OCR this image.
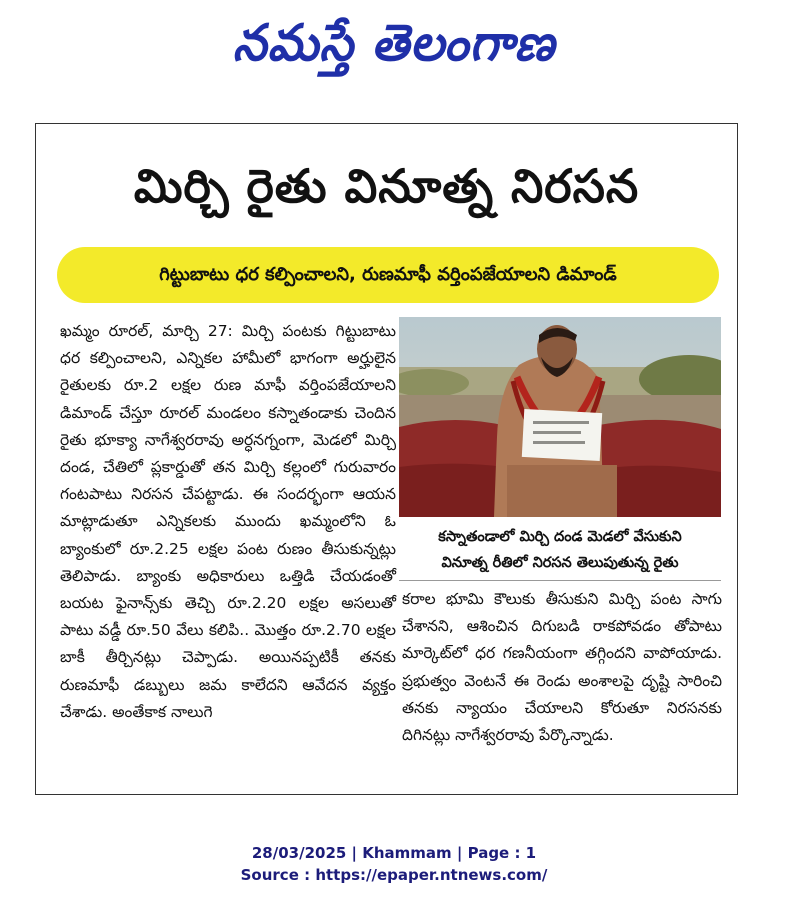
నమస్తే తెలంగాణ
మిర్చి రైతు వినూత్న నిరసన
గిట్టుబాటు ధర కల్పించాలని, రుణమాఫీ వర్తింపజేయాలని డిమాండ్

ఖమ్మం రూరల్, మార్చి 27: మిర్చి పంటకు గిట్టుబాటు ధర కల్పించాలని, ఎన్నికల హామీలో భాగంగా అర్హులైన రైతులకు రూ.2 లక్షల రుణ మాఫీ వర్తింపజేయాలని డిమాండ్ చేస్తూ రూరల్ మండలం కస్నాతండాకు చెందిన రైతు భూక్యా నాగేశ్వరరావు అర్ధనగ్నంగా, మెడలో మిర్చి దండ, చేతిలో ప్లకార్డుతో తన మిర్చి కల్లంలో గురువారం గంటపాటు నిరసన చేపట్టాడు. ఈ సందర్భంగా ఆయన మాట్లాడుతూ ఎన్నికలకు ముందు ఖమ్మంలోని ఓ బ్యాంకులో రూ.2.25 లక్షల పంట రుణం తీసుకున్నట్లు తెలిపాడు. బ్యాంకు అధికారులు ఒత్తిడి చేయడంతో బయట ఫైనాన్స్‌కు తెచ్చి రూ.2.20 లక్షల అసలుతో పాటు వడ్డీ రూ.50 వేలు కలిపి.. మొత్తం రూ.2.70 లక్షల బాకీ తీర్చినట్లు చెప్పాడు. అయినప్పటికీ తనకు రుణమాఫీ డబ్బులు జమ కాలేదని ఆవేదన వ్యక్తం చేశాడు. అంతేకాక నాలుగె

కస్నాతండాలో మిర్చి దండ మెడలో వేసుకుని
వినూత్న రీతిలో నిరసన తెలుపుతున్న రైతు

కరాల భూమి కౌలుకు తీసుకుని మిర్చి పంట సాగు చేశానని, ఆశించిన దిగుబడి రాకపోవడం తోపాటు మార్కెట్‌లో ధర గణనీయంగా తగ్గిందని వాపోయాడు. ప్రభుత్వం వెంటనే ఈ రెండు అంశాలపై దృష్టి సారించి తనకు న్యాయం చేయాలని కోరుతూ నిరసనకు దిగినట్లు నాగేశ్వరరావు పేర్కొన్నాడు.

28/03/2025 | Khammam | Page : 1
Source : https://epaper.ntnews.com/
